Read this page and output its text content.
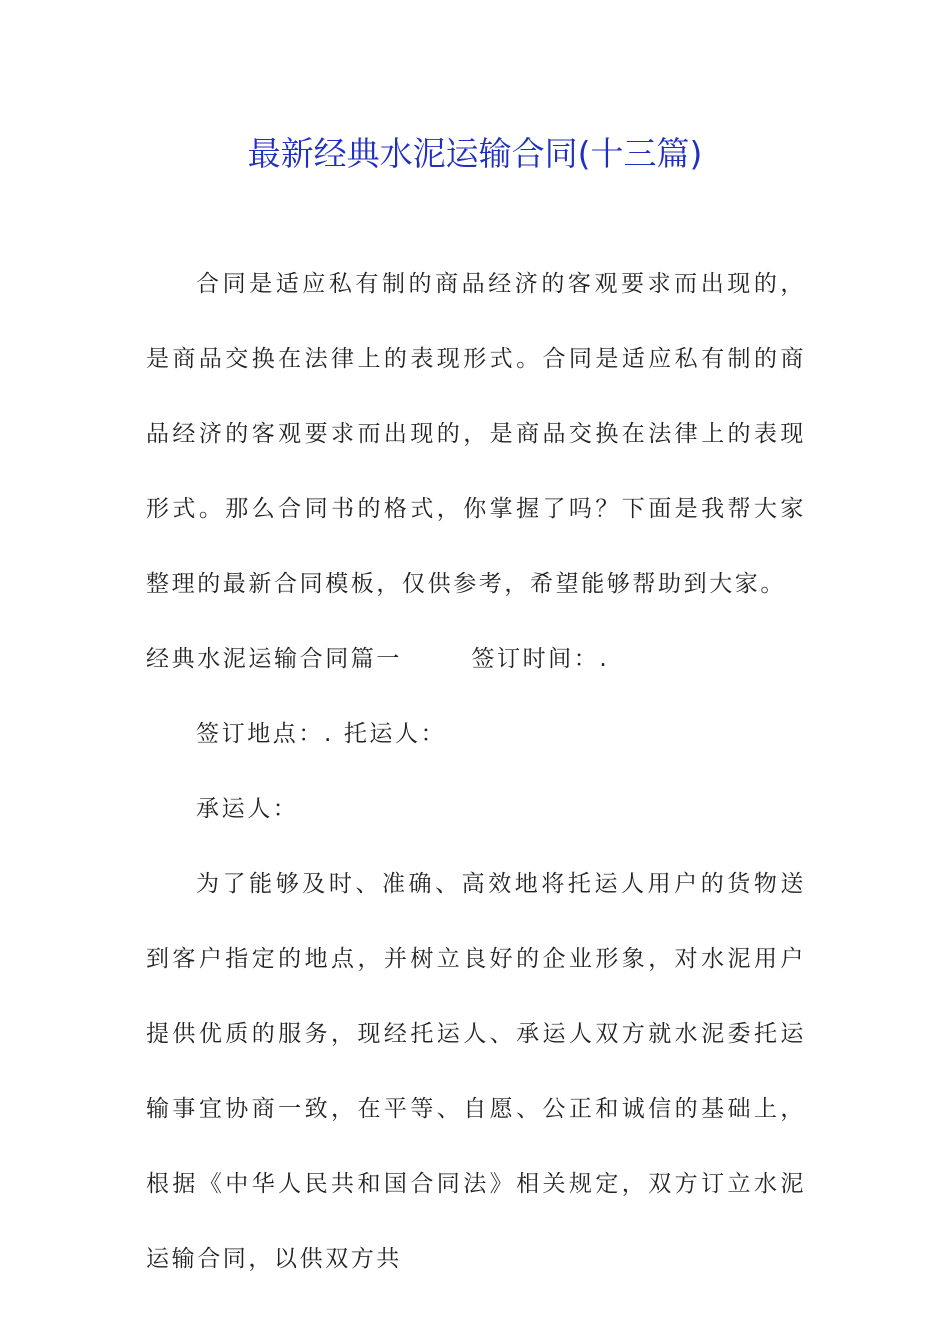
最新经典水泥运输合同(十三篇)

合同是适应私有制的商品经济的客观要求而出现的，是商品交换在法律上的表现形式。合同是适应私有制的商品经济的客观要求而出现的，是商品交换在法律上的表现形式。那么合同书的格式，你掌握了吗？下面是我帮大家整理的最新合同模板，仅供参考，希望能够帮助到大家。

经典水泥运输合同篇一       签订时间：.

签订地点：. 托运人：

承运人：

为了能够及时、准确、高效地将托运人用户的货物送到客户指定的地点，并树立良好的企业形象，对水泥用户提供优质的服务，现经托运人、承运人双方就水泥委托运输事宜协商一致，在平等、自愿、公正和诚信的基础上，根据《中华人民共和国合同法》相关规定，双方订立水泥运输合同，以供双方共
